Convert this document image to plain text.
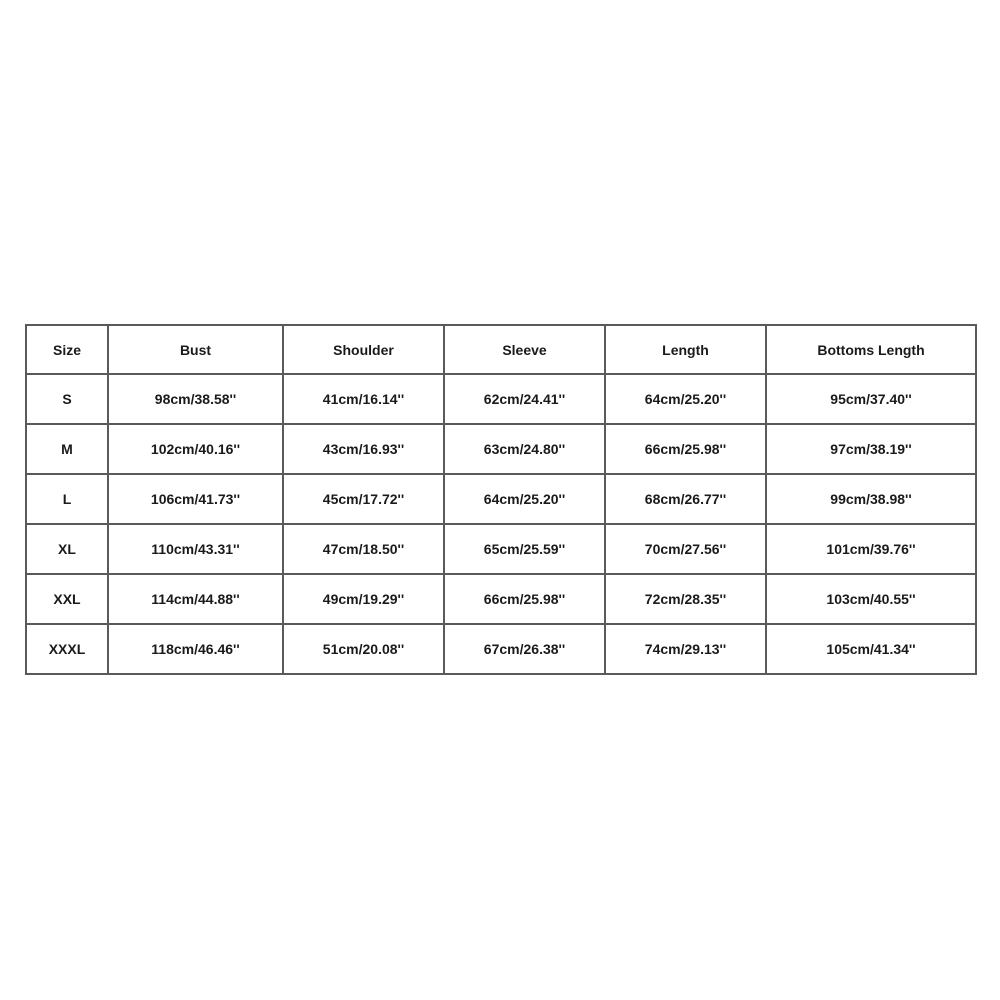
Size	Bust	Shoulder	Sleeve	Length	Bottoms Length
S	98cm/38.58''	41cm/16.14''	62cm/24.41''	64cm/25.20''	95cm/37.40''
M	102cm/40.16''	43cm/16.93''	63cm/24.80''	66cm/25.98''	97cm/38.19''
L	106cm/41.73''	45cm/17.72''	64cm/25.20''	68cm/26.77''	99cm/38.98''
XL	110cm/43.31''	47cm/18.50''	65cm/25.59''	70cm/27.56''	101cm/39.76''
XXL	114cm/44.88''	49cm/19.29''	66cm/25.98''	72cm/28.35''	103cm/40.55''
XXXL	118cm/46.46''	51cm/20.08''	67cm/26.38''	74cm/29.13''	105cm/41.34''
